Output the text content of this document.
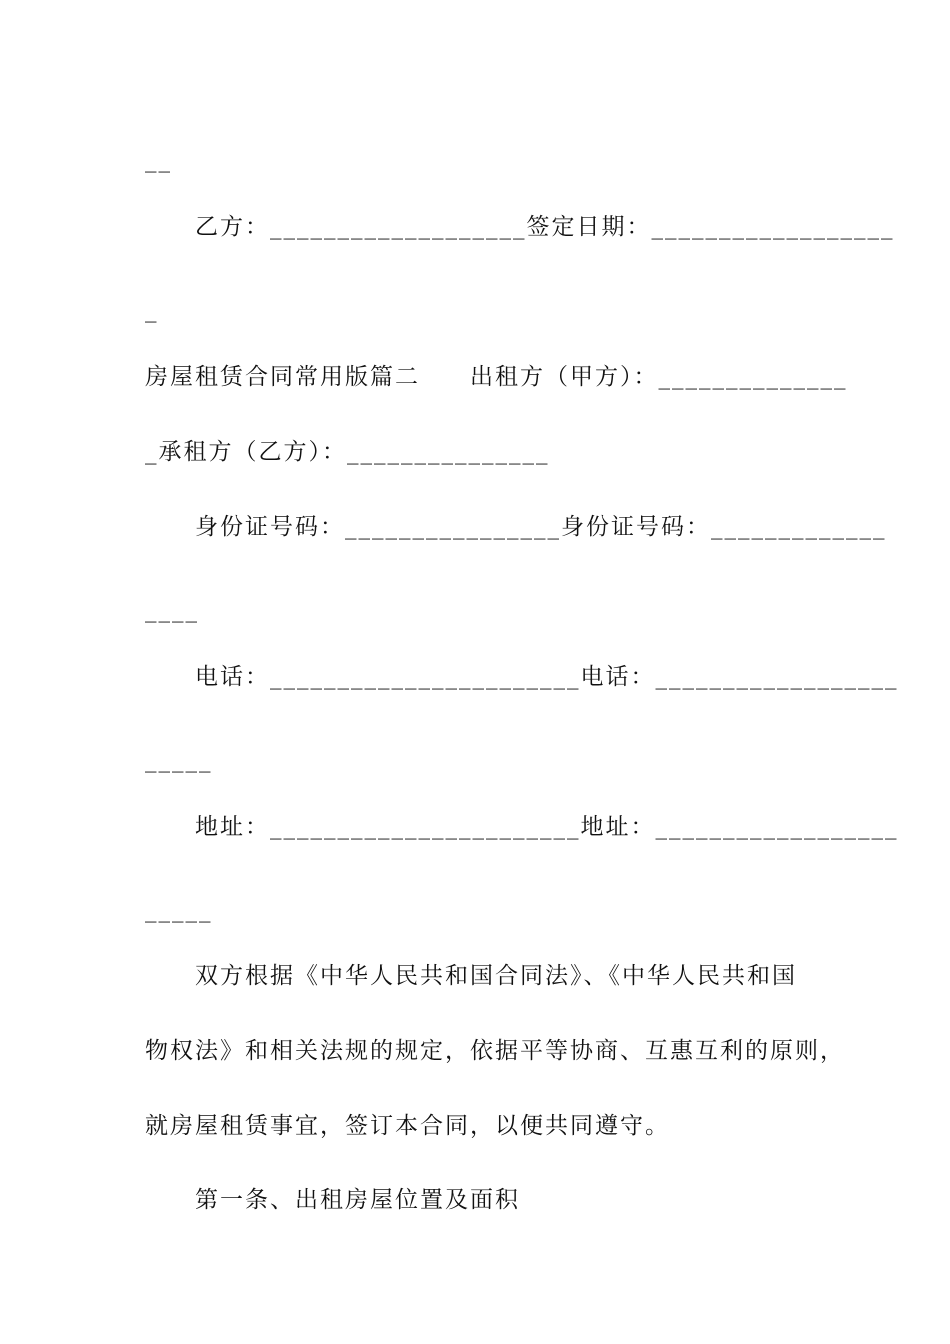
__
乙方：___________________签定日期：__________________
_
房屋租赁合同常用版篇二　　出租方（甲方）：______________
_承租方（乙方）：_______________
身份证号码：________________身份证号码：_____________
____
电话：_______________________电话：__________________
_____
地址：_______________________地址：__________________
_____
双方根据《中华人民共和国合同法》、《中华人民共和国
物权法》和相关法规的规定，依据平等协商、互惠互利的原则，
就房屋租赁事宜，签订本合同，以便共同遵守。
第一条、出租房屋位置及面积
